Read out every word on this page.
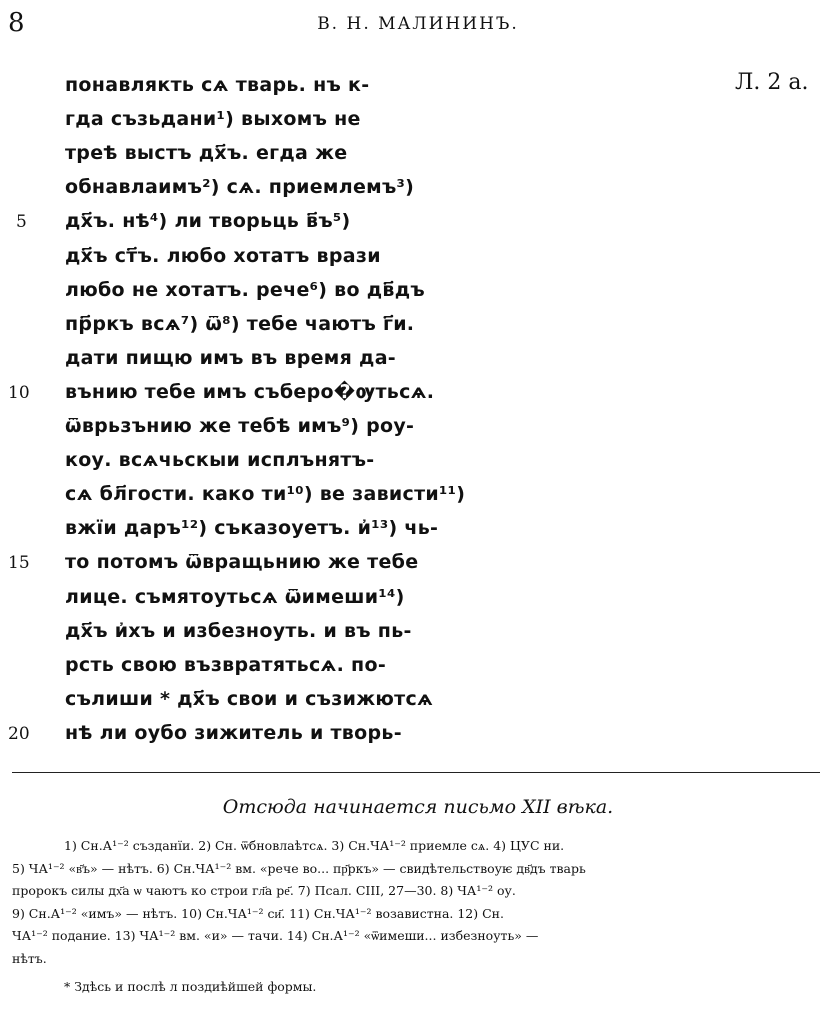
8	В. Н. МАЛИНИНЪ.
Л. 2 а.
понавлякть сѧ тварь. нъ к-
гда съзьдани¹) выхомъ не
треѣ выстъ дх҃ъ. егда же
обнавлаимъ²) сѧ. приемлемъ³)
дх҃ъ. нѣ⁴) ли творьць в҃ъ⁵)
дх҃ъ ст҃ъ. любо хотатъ врази
любо не хотатъ. рече⁶) во дв҃дъ
пр҃ркъ всѧ⁷) ѿ⁸) тебе чаютъ г҃и.
дати пищю имъ въ время да-
вънию тебе имъ съберо�ѹтьсѧ.
ѿврьзънию же тебѣ имъ⁹) роу-
коу. всѧчьскыи исплънятъ-
сѧ бл҃гости. како ти¹⁰) ве зависти¹¹)
вжїи даръ¹²) съказоуетъ. и҆¹³) чь-
то потомъ ѿвращьнию же тебе
лице. съмятоутьсѧ ѿимеши¹⁴)
дх҃ъ и҆хъ и избезноуть. и въ пь-
рсть свою възвратятьсѧ. по-
сълиши * дх҃ъ свои и съзижютсѧ
нѣ ли оубо зижитель и творь-
5
10
15
20
Отсюда начинается письмо XII вѣка.
1) Сн.А¹⁻² създанїи. 2) Сн. ѿбновлаѣтсѧ. 3) Сн.ЧА¹⁻² приемле сѧ. 4) ЦУС ни.
5) ЧА¹⁻² «в҃ъ» — нѣтъ. 6) Сн.ЧА¹⁻² вм. «рече во... пр҃ркъ» — свидѣтельствоуѥ дв҃дъ тварь
пророкъ силы дх҃а ѡ чаютъ ко строи гл҃а ре҃. 7) Псал. CIII, 27—30. 8) ЧА¹⁻² оу.
9) Сн.А¹⁻² «имъ» — нѣтъ. 10) Сн.ЧА¹⁻² си҃. 11) Сн.ЧА¹⁻² возавистна. 12) Сн.
ЧА¹⁻² подание. 13) ЧА¹⁻² вм. «и» — тачи. 14) Сн.А¹⁻² «ѿимеши... избезноуть» —
нѣтъ.
* Здѣсь и послѣ л поздиѣйшей формы.
